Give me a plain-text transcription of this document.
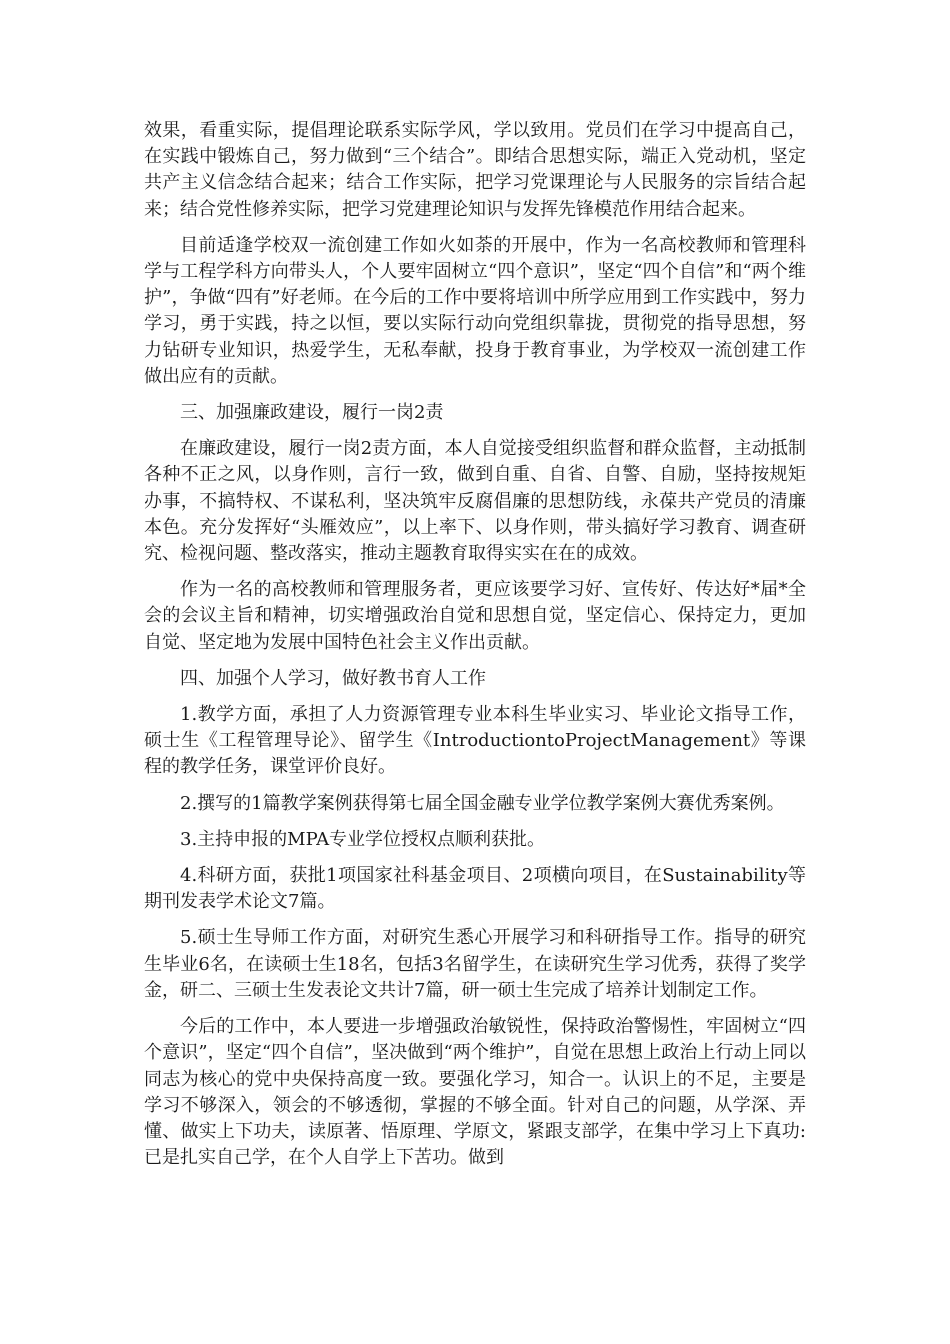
效果，看重实际，提倡理论联系实际学风，学以致用。党员们在学习中提高自己，在实践中锻炼自己，努力做到“三个结合”。即结合思想实际，端正入党动机，坚定共产主义信念结合起来；结合工作实际，把学习党课理论与人民服务的宗旨结合起来；结合党性修养实际，把学习党建理论知识与发挥先锋模范作用结合起来。

目前适逢学校双一流创建工作如火如荼的开展中，作为一名高校教师和管理科学与工程学科方向带头人，个人要牢固树立“四个意识”，坚定“四个自信”和“两个维护”，争做“四有”好老师。在今后的工作中要将培训中所学应用到工作实践中，努力学习，勇于实践，持之以恒，要以实际行动向党组织靠拢，贯彻党的指导思想，努力钻研专业知识，热爱学生，无私奉献，投身于教育事业，为学校双一流创建工作做出应有的贡献。

三、加强廉政建设，履行一岗2责

在廉政建设，履行一岗2责方面，本人自觉接受组织监督和群众监督，主动抵制各种不正之风，以身作则，言行一致，做到自重、自省、自警、自励，坚持按规矩办事，不搞特权、不谋私利，坚决筑牢反腐倡廉的思想防线，永葆共产党员的清廉本色。充分发挥好“头雁效应”，以上率下、以身作则，带头搞好学习教育、调查研究、检视问题、整改落实，推动主题教育取得实实在在的成效。

作为一名的高校教师和管理服务者，更应该要学习好、宣传好、传达好*届*全会的会议主旨和精神，切实增强政治自觉和思想自觉，坚定信心、保持定力，更加自觉、坚定地为发展中国特色社会主义作出贡献。

四、加强个人学习，做好教书育人工作

1.教学方面，承担了人力资源管理专业本科生毕业实习、毕业论文指导工作，硕士生《工程管理导论》、留学生《IntroductiontoProjectManagement》等课程的教学任务，课堂评价良好。

2.撰写的1篇教学案例获得第七届全国金融专业学位教学案例大赛优秀案例。

3.主持申报的MPA专业学位授权点顺利获批。

4.科研方面，获批1项国家社科基金项目、2项横向项目，在Sustainability等期刊发表学术论文7篇。

5.硕士生导师工作方面，对研究生悉心开展学习和科研指导工作。指导的研究生毕业6名，在读硕士生18名，包括3名留学生，在读研究生学习优秀，获得了奖学金，研二、三硕士生发表论文共计7篇，研一硕士生完成了培养计划制定工作。

今后的工作中，本人要进一步增强政治敏锐性，保持政治警惕性，牢固树立“四个意识”，坚定“四个自信”，坚决做到“两个维护”，自觉在思想上政治上行动上同以同志为核心的党中央保持高度一致。要强化学习，知合一。认识上的不足，主要是学习不够深入，领会的不够透彻，掌握的不够全面。针对自己的问题，从学深、弄懂、做实上下功夫，读原著、悟原理、学原文，紧跟支部学，在集中学习上下真功:已是扎实自己学，在个人自学上下苦功。做到
